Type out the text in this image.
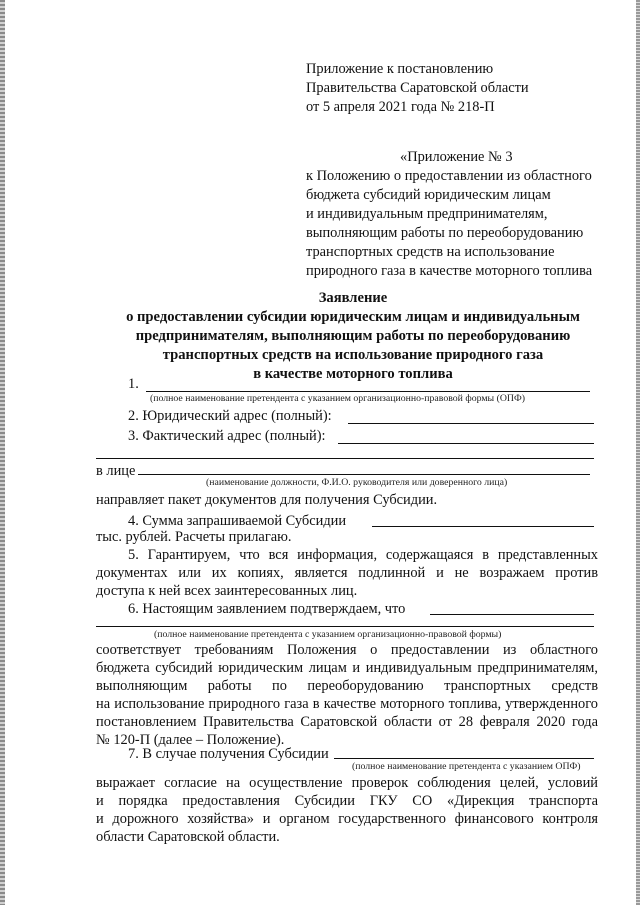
Приложение к постановлению
Правительства Саратовской области
от 5 апреля 2021 года № 218-П
«Приложение № 3
к Положению о предоставлении из областного
бюджета субсидий юридическим лицам
и индивидуальным предпринимателям,
выполняющим работы по переоборудованию
транспортных средств на использование
природного газа в качестве моторного топлива
Заявление
о предоставлении субсидии юридическим лицам и индивидуальным
предпринимателям, выполняющим работы по переоборудованию
транспортных средств на использование природного газа
в качестве моторного топлива
1.
(полное наименование претендента с указанием организационно-правовой формы (ОПФ)
2. Юридический адрес (полный):
3. Фактический адрес (полный):
в лице
(наименование должности, Ф.И.О. руководителя или доверенного лица)
направляет пакет документов для получения Субсидии.
4. Сумма запрашиваемой Субсидии
тыс. рублей. Расчеты прилагаю.
5. Гарантируем, что вся информация, содержащаяся в представленных
документах или их копиях, является подлинной и не возражаем против
доступа к ней всех заинтересованных лиц.
6. Настоящим заявлением подтверждаем, что
(полное наименование претендента с указанием организационно-правовой формы)
соответствует требованиям Положения о предоставлении из областного
бюджета субсидий юридическим лицам и индивидуальным предпринимателям,
выполняющим работы по переоборудованию транспортных средств
на использование природного газа в качестве моторного топлива, утвержденного
постановлением Правительства Саратовской области от 28 февраля 2020 года
№ 120-П (далее – Положение).
7. В случае получения Субсидии
(полное наименование претендента с указанием ОПФ)
выражает согласие на осуществление проверок соблюдения целей, условий
и порядка предоставления Субсидии ГКУ СО «Дирекция транспорта
и дорожного хозяйства» и органом государственного финансового контроля
области Саратовской области.
